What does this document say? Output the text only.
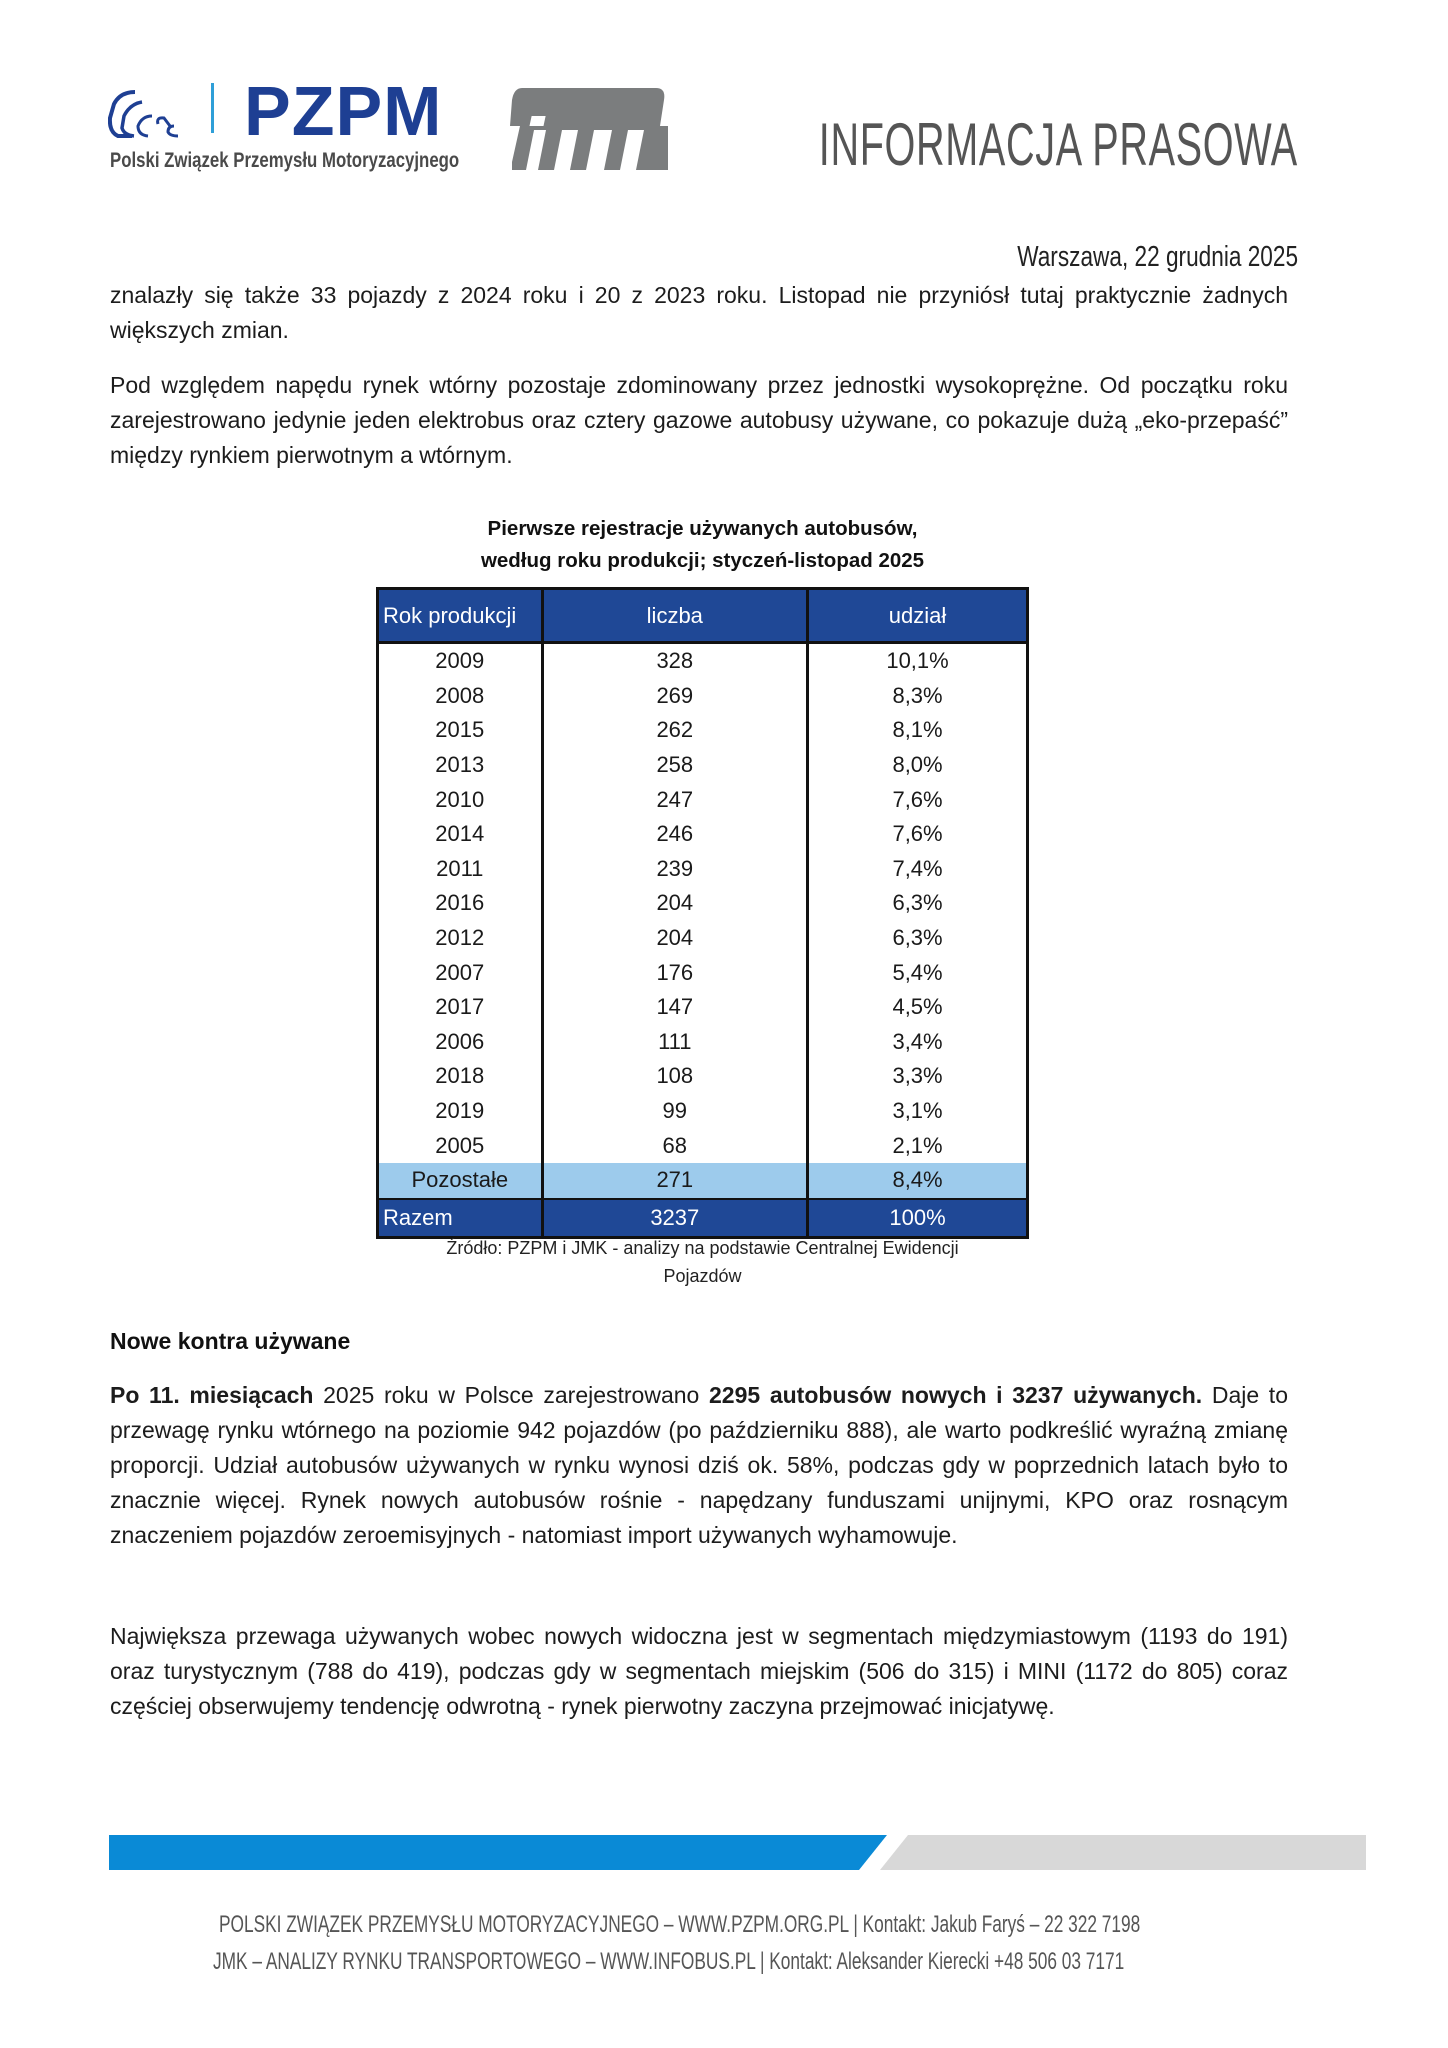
PZPM
Polski Związek Przemysłu Motoryzacyjnego	INFORMACJA PRASOWA
Warszawa, 22 grudnia 2025
znalazły się także 33 pojazdy z 2024 roku i 20 z 2023 roku. Listopad nie przyniósł tutaj praktycznie żadnych większych zmian.
Pod względem napędu rynek wtórny pozostaje zdominowany przez jednostki wysokoprężne. Od początku roku zarejestrowano jedynie jeden elektrobus oraz cztery gazowe autobusy używane, co pokazuje dużą „eko-przepaść” między rynkiem pierwotnym a wtórnym.
Pierwsze rejestracje używanych autobusów,
według roku produkcji; styczeń-listopad 2025
Rok produkcji	liczba	udział
2009	328	10,1%
2008	269	8,3%
2015	262	8,1%
2013	258	8,0%
2010	247	7,6%
2014	246	7,6%
2011	239	7,4%
2016	204	6,3%
2012	204	6,3%
2007	176	5,4%
2017	147	4,5%
2006	111	3,4%
2018	108	3,3%
2019	99	3,1%
2005	68	2,1%
Pozostałe	271	8,4%
Razem	3237	100%
Źródło: PZPM i JMK - analizy na podstawie Centralnej Ewidencji
Pojazdów
Nowe kontra używane
Po 11. miesiącach 2025 roku w Polsce zarejestrowano 2295 autobusów nowych i 3237 używanych. Daje to przewagę rynku wtórnego na poziomie 942 pojazdów (po październiku 888), ale warto podkreślić wyraźną zmianę proporcji. Udział autobusów używanych w rynku wynosi dziś ok. 58%, podczas gdy w poprzednich latach było to znacznie więcej. Rynek nowych autobusów rośnie - napędzany funduszami unijnymi, KPO oraz rosnącym znaczeniem pojazdów zeroemisyjnych - natomiast import używanych wyhamowuje.
Największa przewaga używanych wobec nowych widoczna jest w segmentach międzymiastowym (1193 do 191) oraz turystycznym (788 do 419), podczas gdy w segmentach miejskim (506 do 315) i MINI (1172 do 805) coraz częściej obserwujemy tendencję odwrotną - rynek pierwotny zaczyna przejmować inicjatywę.
POLSKI ZWIĄZEK PRZEMYSŁU MOTORYZACYJNEGO – WWW.PZPM.ORG.PL | Kontakt: Jakub Faryś – 22 322 7198
JMK – ANALIZY RYNKU TRANSPORTOWEGO – WWW.INFOBUS.PL | Kontakt: Aleksander Kierecki +48 506 03 7171
